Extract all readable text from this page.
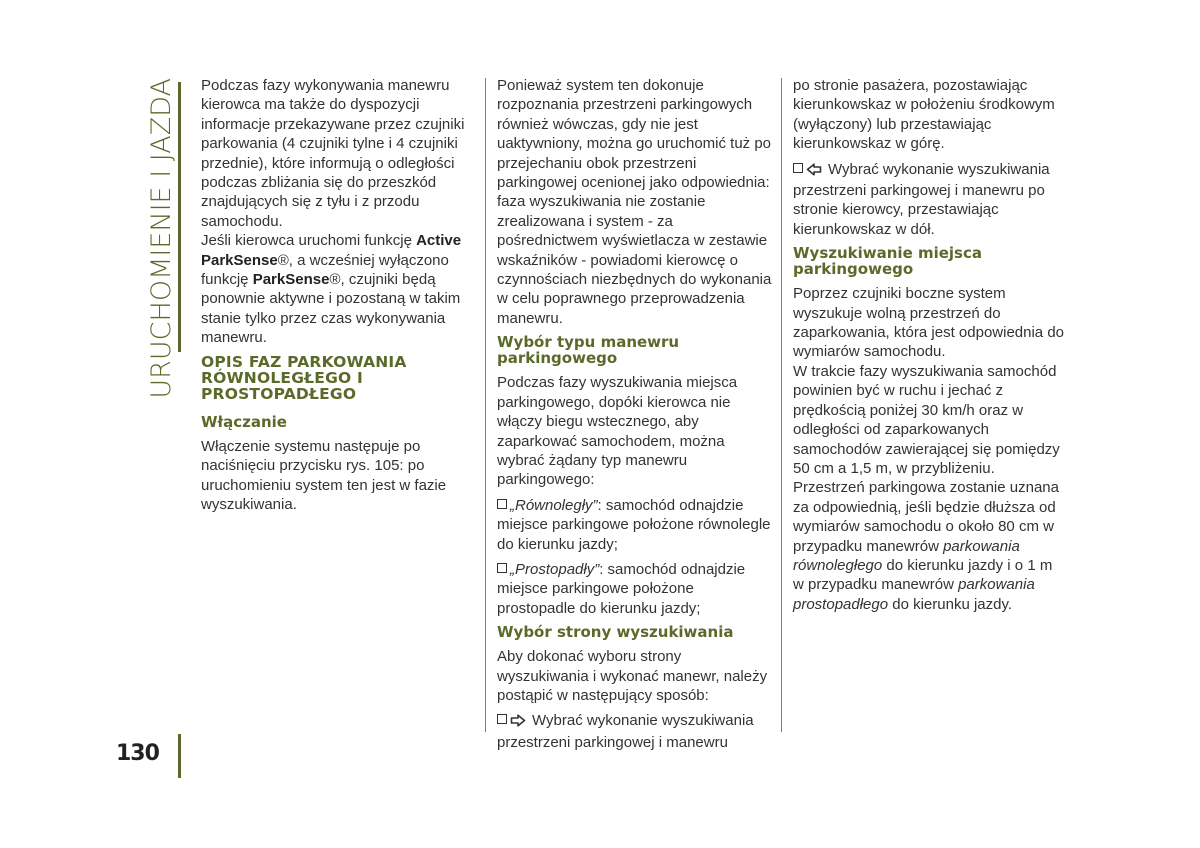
URUCHOMIENIE I JAZDA
130

Podczas fazy wykonywania manewru kierowca ma także do dyspozycji informacje przekazywane przez czujniki parkowania (4 czujniki tylne i 4 czujniki przednie), które informują o odległości podczas zbliżania się do przeszkód znajdujących się z tyłu i z przodu samochodu.

Jeśli kierowca uruchomi funkcję Active ParkSense®, a wcześniej wyłączono funkcję ParkSense®, czujniki będą ponownie aktywne i pozostaną w takim stanie tylko przez czas wykonywania manewru.

OPIS FAZ PARKOWANIA RÓWNOLEGŁEGO I PROSTOPADŁEGO
Włączanie

Włączenie systemu następuje po naciśnięciu przycisku rys. 105: po uruchomieniu system ten jest w fazie wyszukiwania.

Ponieważ system ten dokonuje rozpoznania przestrzeni parkingowych również wówczas, gdy nie jest uaktywniony, można go uruchomić tuż po przejechaniu obok przestrzeni parkingowej ocenionej jako odpowiednia: faza wyszukiwania nie zostanie zrealizowana i system - za pośrednictwem wyświetlacza w zestawie wskaźników - powiadomi kierowcę o czynnościach niezbędnych do wykonania w celu poprawnego przeprowadzenia manewru.

Wybór typu manewru parkingowego

Podczas fazy wyszukiwania miejsca parkingowego, dopóki kierowca nie włączy biegu wstecznego, aby zaparkować samochodem, można wybrać żądany typ manewru parkingowego:

„Równoległy”: samochód odnajdzie miejsce parkingowe położone równolegle do kierunku jazdy;

„Prostopadły”: samochód odnajdzie miejsce parkingowe położone prostopadle do kierunku jazdy;

Wybór strony wyszukiwania

Aby dokonać wyboru strony wyszukiwania i wykonać manewr, należy postąpić w następujący sposób:

Wybrać wykonanie wyszukiwania przestrzeni parkingowej i manewru

po stronie pasażera, pozostawiając kierunkowskaz w położeniu środkowym (wyłączony) lub przestawiając kierunkowskaz w górę.

Wybrać wykonanie wyszukiwania przestrzeni parkingowej i manewru po stronie kierowcy, przestawiając kierunkowskaz w dół.

Wyszukiwanie miejsca parkingowego

Poprzez czujniki boczne system wyszukuje wolną przestrzeń do zaparkowania, która jest odpowiednia do wymiarów samochodu.

W trakcie fazy wyszukiwania samochód powinien być w ruchu i jechać z prędkością poniżej 30 km/h oraz w odległości od zaparkowanych samochodów zawierającej się pomiędzy 50 cm a 1,5 m, w przybliżeniu.

Przestrzeń parkingowa zostanie uznana za odpowiednią, jeśli będzie dłuższa od wymiarów samochodu o około 80 cm w przypadku manewrów parkowania równoległego do kierunku jazdy i o 1 m w przypadku manewrów parkowania prostopadłego do kierunku jazdy.
